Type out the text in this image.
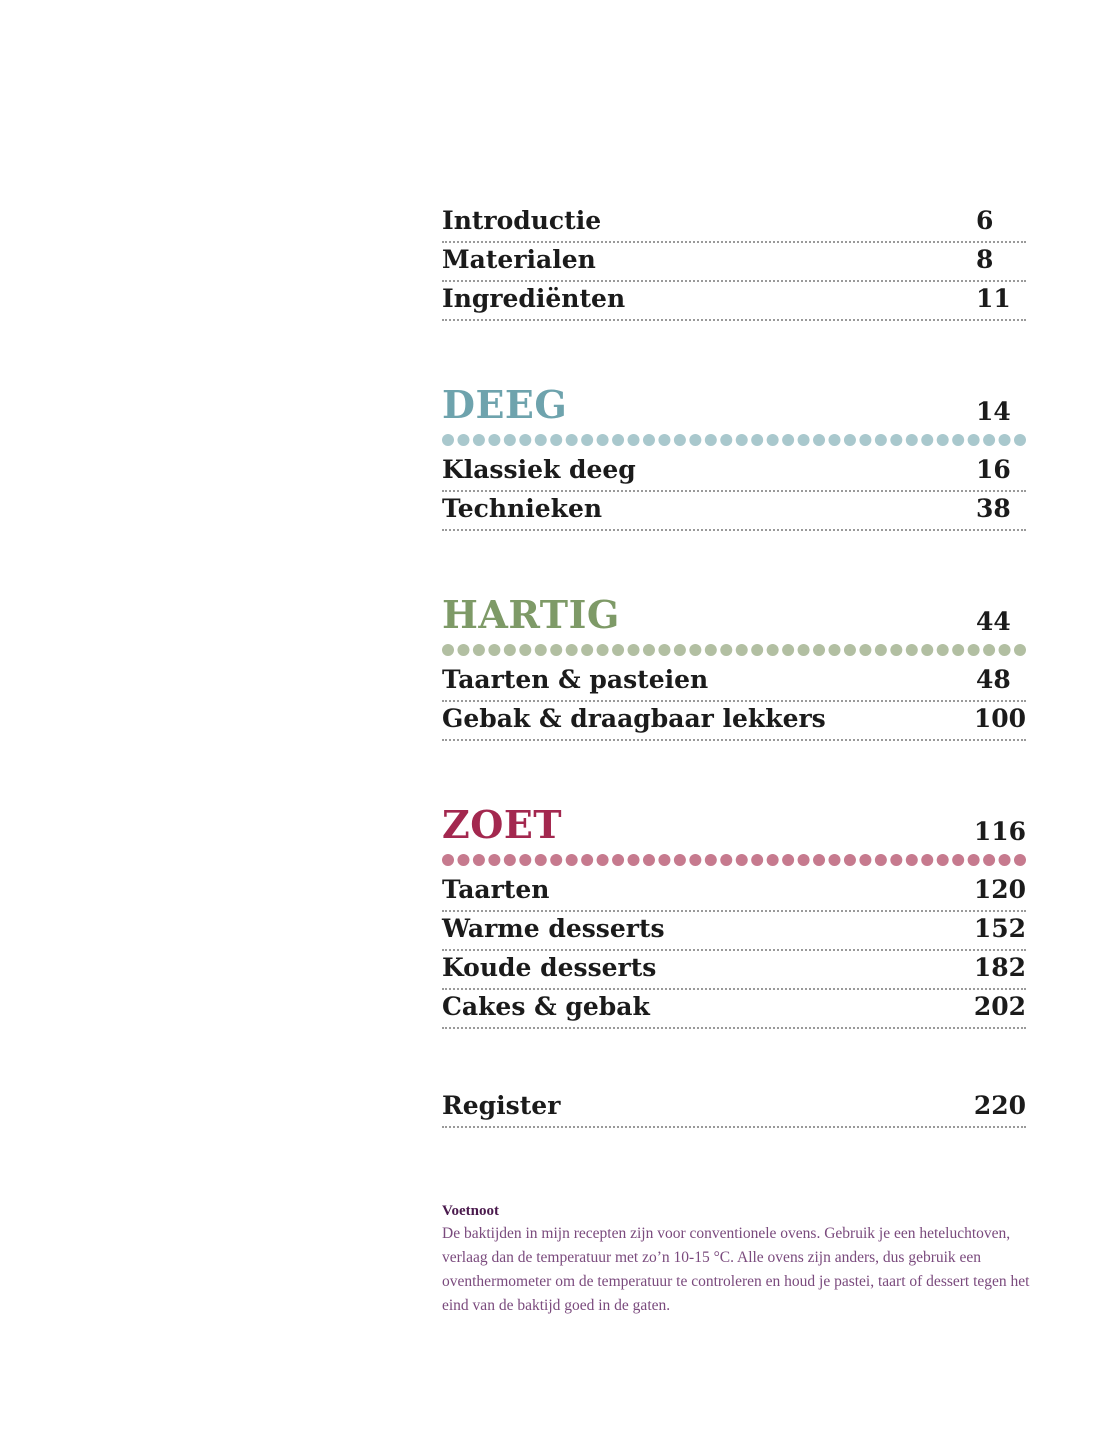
Introductie	6
Materialen	8
Ingrediënten	11
DEEG	14
Klassiek deeg	16
Technieken	38
HARTIG	44
Taarten & pasteien	48
Gebak & draagbaar lekkers	100
ZOET	116
Taarten	120
Warme desserts	152
Koude desserts	182
Cakes & gebak	202
Register	220
Voetnoot
De baktijden in mijn recepten zijn voor conventionele ovens. Gebruik je een heteluchtoven, verlaag dan de temperatuur met zo’n 10-15 °C. Alle ovens zijn anders, dus gebruik een oventhermometer om de temperatuur te controleren en houd je pastei, taart of dessert tegen het eind van de baktijd goed in de gaten.
